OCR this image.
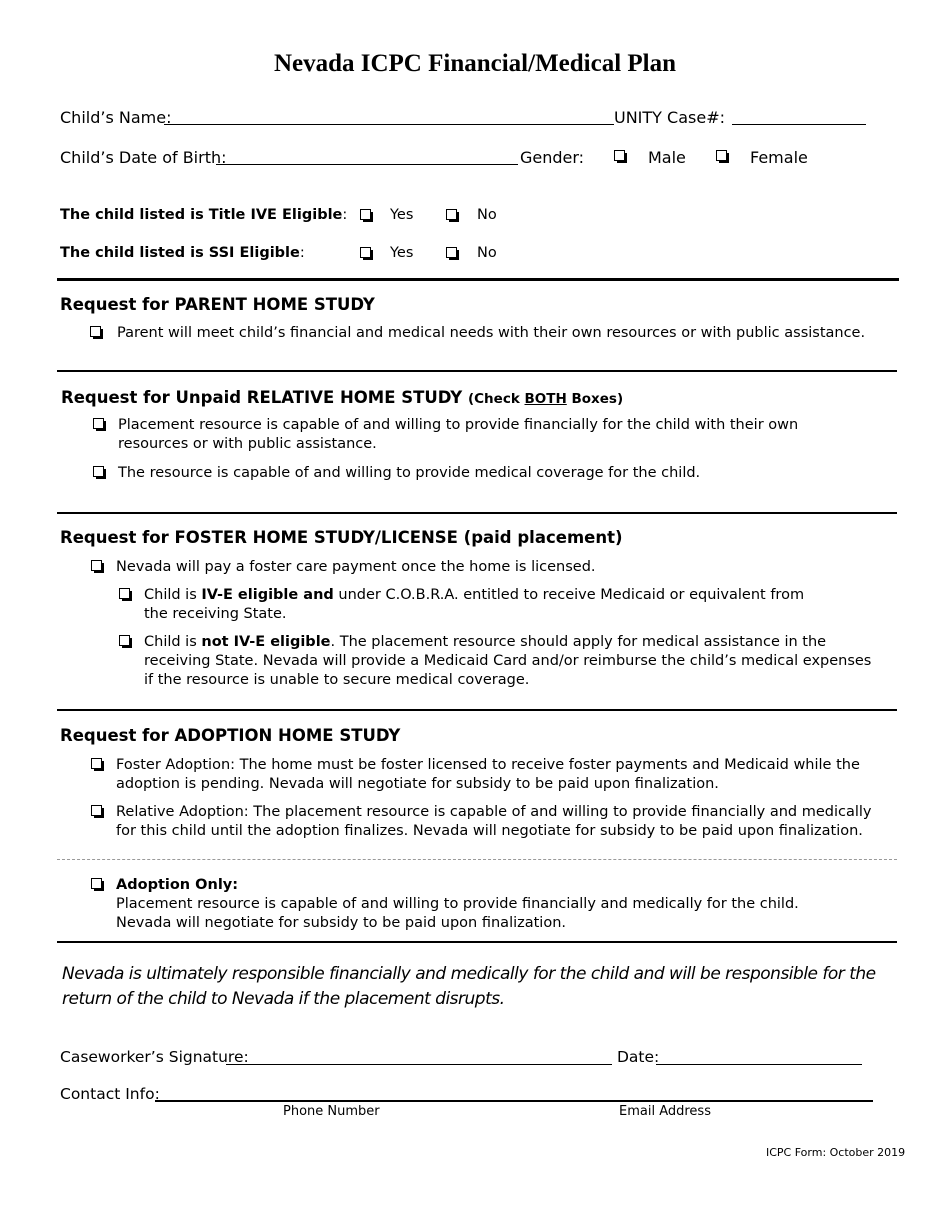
Nevada ICPC Financial/Medical Plan
Child’s Name:	UNITY Case#:
Child’s Date of Birth:	Gender:	Male	Female
The child listed is Title IVE Eligible:	Yes	No
The child listed is SSI Eligible:	Yes	No
Request for PARENT HOME STUDY
Parent will meet child’s financial and medical needs with their own resources or with public assistance.
Request for Unpaid RELATIVE HOME STUDY (Check BOTH Boxes)
Placement resource is capable of and willing to provide financially for the child with their own resources or with public assistance.
The resource is capable of and willing to provide medical coverage for the child.
Request for FOSTER HOME STUDY/LICENSE (paid placement)
Nevada will pay a foster care payment once the home is licensed.
Child is IV-E eligible and under C.O.B.R.A. entitled to receive Medicaid or equivalent from the receiving State.
Child is not IV-E eligible. The placement resource should apply for medical assistance in the receiving State. Nevada will provide a Medicaid Card and/or reimburse the child’s medical expenses if the resource is unable to secure medical coverage.
Request for ADOPTION HOME STUDY
Foster Adoption: The home must be foster licensed to receive foster payments and Medicaid while the adoption is pending. Nevada will negotiate for subsidy to be paid upon finalization.
Relative Adoption: The placement resource is capable of and willing to provide financially and medically for this child until the adoption finalizes. Nevada will negotiate for subsidy to be paid upon finalization.
Adoption Only:
Placement resource is capable of and willing to provide financially and medically for the child. Nevada will negotiate for subsidy to be paid upon finalization.
Nevada is ultimately responsible financially and medically for the child and will be responsible for the return of the child to Nevada if the placement disrupts.
Caseworker’s Signature:	Date:
Contact Info:
Phone Number	Email Address
ICPC Form: October 2019
